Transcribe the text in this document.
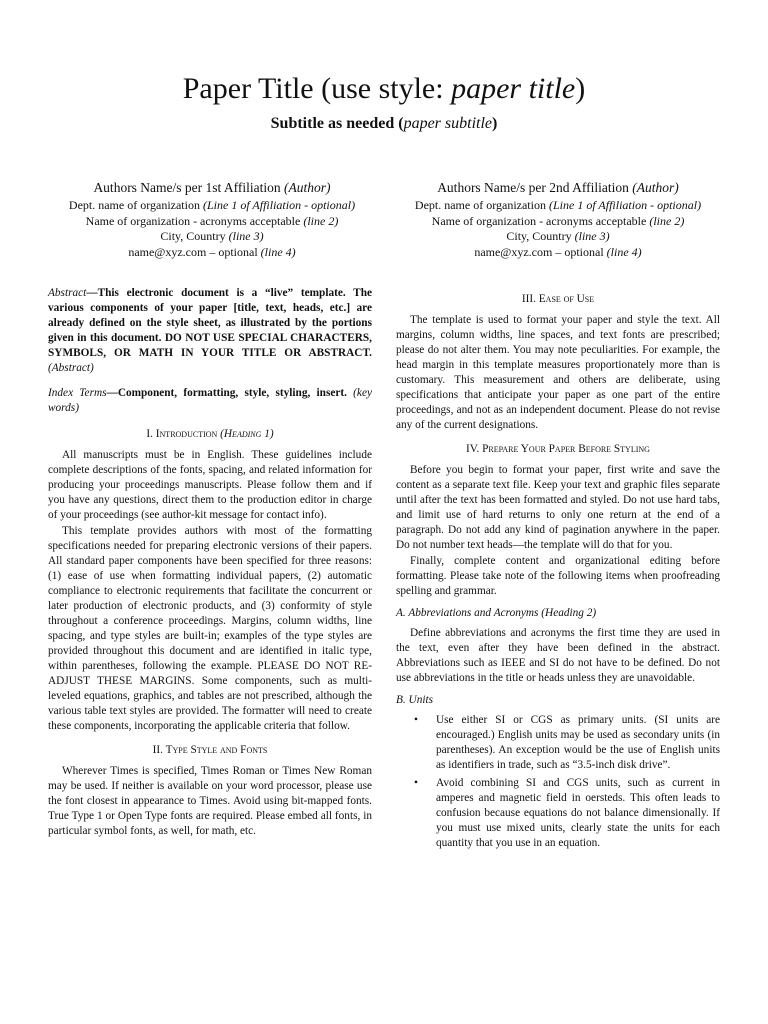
Paper Title (use style: paper title)
Subtitle as needed (paper subtitle)
Authors Name/s per 1st Affiliation (Author)
Dept. name of organization (Line 1 of Affiliation - optional)
Name of organization - acronyms acceptable (line 2)
City, Country (line 3)
name@xyz.com – optional (line 4)
Authors Name/s per 2nd Affiliation (Author)
Dept. name of organization (Line 1 of Affiliation - optional)
Name of organization - acronyms acceptable (line 2)
City, Country (line 3)
name@xyz.com – optional (line 4)

Abstract—This electronic document is a “live” template. The various components of your paper [title, text, heads, etc.] are already defined on the style sheet, as illustrated by the portions given in this document. DO NOT USE SPECIAL CHARACTERS, SYMBOLS, OR MATH IN YOUR TITLE OR ABSTRACT. (Abstract)

Index Terms—Component, formatting, style, styling, insert. (key words)

I. Introduction (Heading 1)

All manuscripts must be in English. These guidelines include complete descriptions of the fonts, spacing, and related information for producing your proceedings manuscripts. Please follow them and if you have any questions, direct them to the production editor in charge of your proceedings (see author-kit message for contact info).

This template provides authors with most of the formatting specifications needed for preparing electronic versions of their papers. All standard paper components have been specified for three reasons: (1) ease of use when formatting individual papers, (2) automatic compliance to electronic requirements that facilitate the concurrent or later production of electronic products, and (3) conformity of style throughout a conference proceedings. Margins, column widths, line spacing, and type styles are built-in; examples of the type styles are provided throughout this document and are identified in italic type, within parentheses, following the example. PLEASE DO NOT RE-ADJUST THESE MARGINS. Some components, such as multi-leveled equations, graphics, and tables are not prescribed, although the various table text styles are provided. The formatter will need to create these components, incorporating the applicable criteria that follow.

II. Type Style and Fonts

Wherever Times is specified, Times Roman or Times New Roman may be used. If neither is available on your word processor, please use the font closest in appearance to Times. Avoid using bit-mapped fonts. True Type 1 or Open Type fonts are required. Please embed all fonts, in particular symbol fonts, as well, for math, etc.

III. Ease of Use

The template is used to format your paper and style the text. All margins, column widths, line spaces, and text fonts are prescribed; please do not alter them. You may note peculiarities. For example, the head margin in this template measures proportionately more than is customary. This measurement and others are deliberate, using specifications that anticipate your paper as one part of the entire proceedings, and not as an independent document. Please do not revise any of the current designations.

IV. Prepare Your Paper Before Styling

Before you begin to format your paper, first write and save the content as a separate text file. Keep your text and graphic files separate until after the text has been formatted and styled. Do not use hard tabs, and limit use of hard returns to only one return at the end of a paragraph. Do not add any kind of pagination anywhere in the paper. Do not number text heads—the template will do that for you.

Finally, complete content and organizational editing before formatting. Please take note of the following items when proofreading spelling and grammar.

A. Abbreviations and Acronyms (Heading 2)

Define abbreviations and acronyms the first time they are used in the text, even after they have been defined in the abstract. Abbreviations such as IEEE and SI do not have to be defined. Do not use abbreviations in the title or heads unless they are unavoidable.

B. Units
• Use either SI or CGS as primary units. (SI units are encouraged.) English units may be used as secondary units (in parentheses). An exception would be the use of English units as identifiers in trade, such as “3.5-inch disk drive”.
• Avoid combining SI and CGS units, such as current in amperes and magnetic field in oersteds. This often leads to confusion because equations do not balance dimensionally. If you must use mixed units, clearly state the units for each quantity that you use in an equation.
